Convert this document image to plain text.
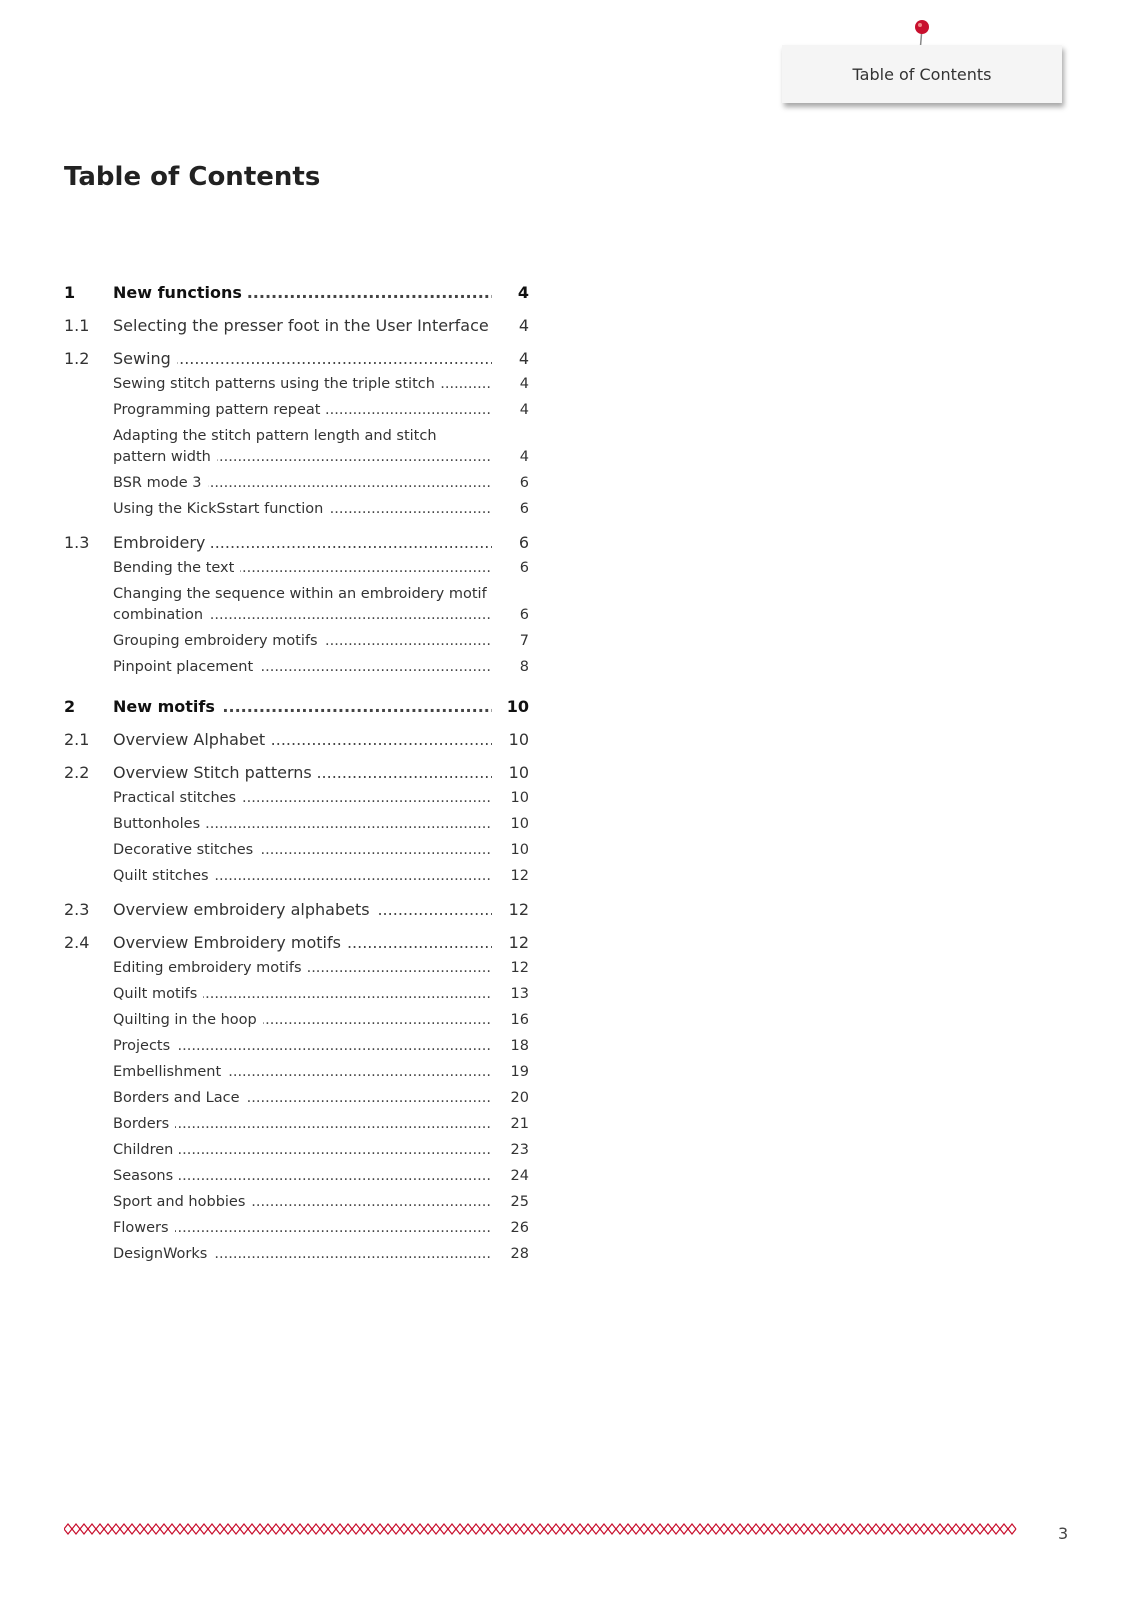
Table of Contents
Table of Contents
1	New functions .....	4
1.1	Selecting the presser foot in the User Interface .....	4
1.2	Sewing .....	4
Sewing stitch patterns using the triple stitch .....	4
Programming pattern repeat .....	4
Adapting the stitch pattern length and stitch pattern width .....	4
BSR mode 3 .....	6
Using the KickSstart function .....	6
1.3	Embroidery .....	6
Bending the text .....	6
Changing the sequence within an embroidery motif combination .....	6
Grouping embroidery motifs .....	7
Pinpoint placement .....	8
2	New motifs .....	10
2.1	Overview Alphabet .....	10
2.2	Overview Stitch patterns .....	10
Practical stitches .....	10
Buttonholes .....	10
Decorative stitches .....	10
Quilt stitches .....	12
2.3	Overview embroidery alphabets .....	12
2.4	Overview Embroidery motifs .....	12
Editing embroidery motifs .....	12
Quilt motifs .....	13
Quilting in the hoop .....	16
Projects .....	18
Embellishment .....	19
Borders and Lace .....	20
Borders .....	21
Children .....	23
Seasons .....	24
Sport and hobbies .....	25
Flowers .....	26
DesignWorks .....	28
3
